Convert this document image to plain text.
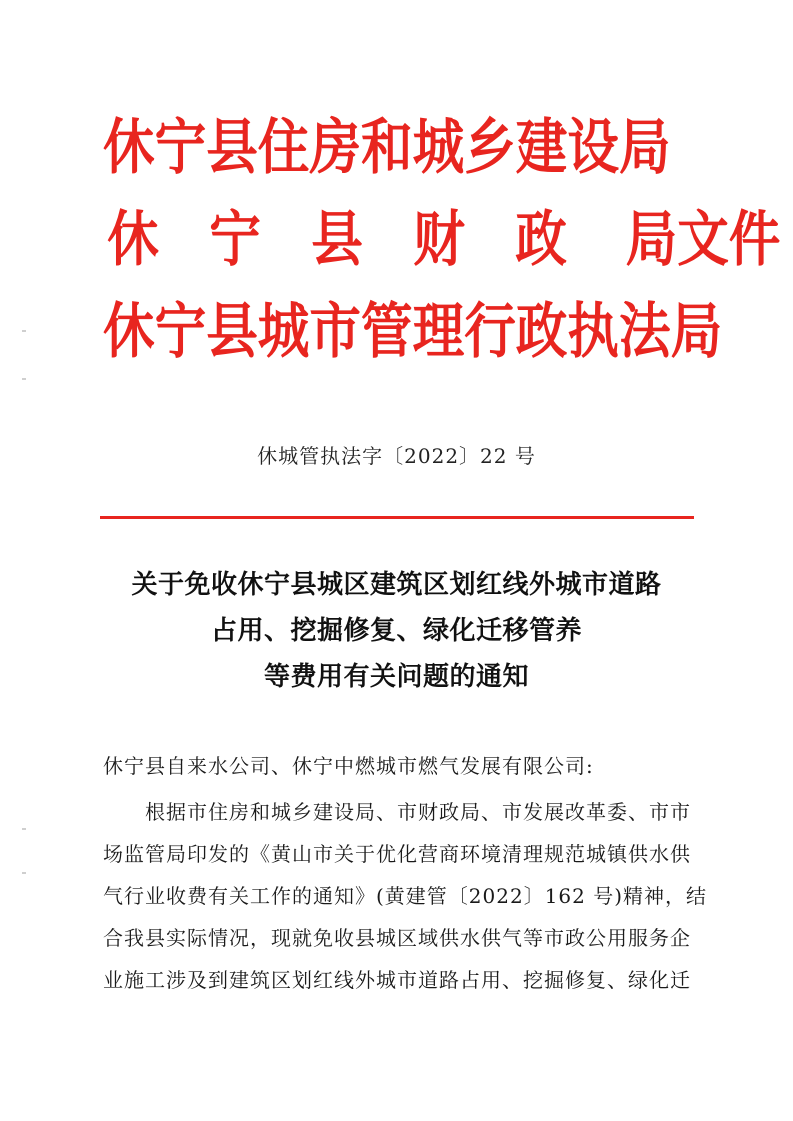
休宁县住房和城乡建设局
休 宁 县 财 政 局文件
休宁县城市管理行政执法局
休城管执法字〔2022〕22 号
关于免收休宁县城区建筑区划红线外城市道路
占用、挖掘修复、绿化迁移管养
等费用有关问题的通知
休宁县自来水公司、休宁中燃城市燃气发展有限公司:
　　根据市住房和城乡建设局、市财政局、市发展改革委、市市
场监管局印发的《黄山市关于优化营商环境清理规范城镇供水供
气行业收费有关工作的通知》(黄建管〔2022〕162 号)精神，结
合我县实际情况，现就免收县城区域供水供气等市政公用服务企
业施工涉及到建筑区划红线外城市道路占用、挖掘修复、绿化迁
